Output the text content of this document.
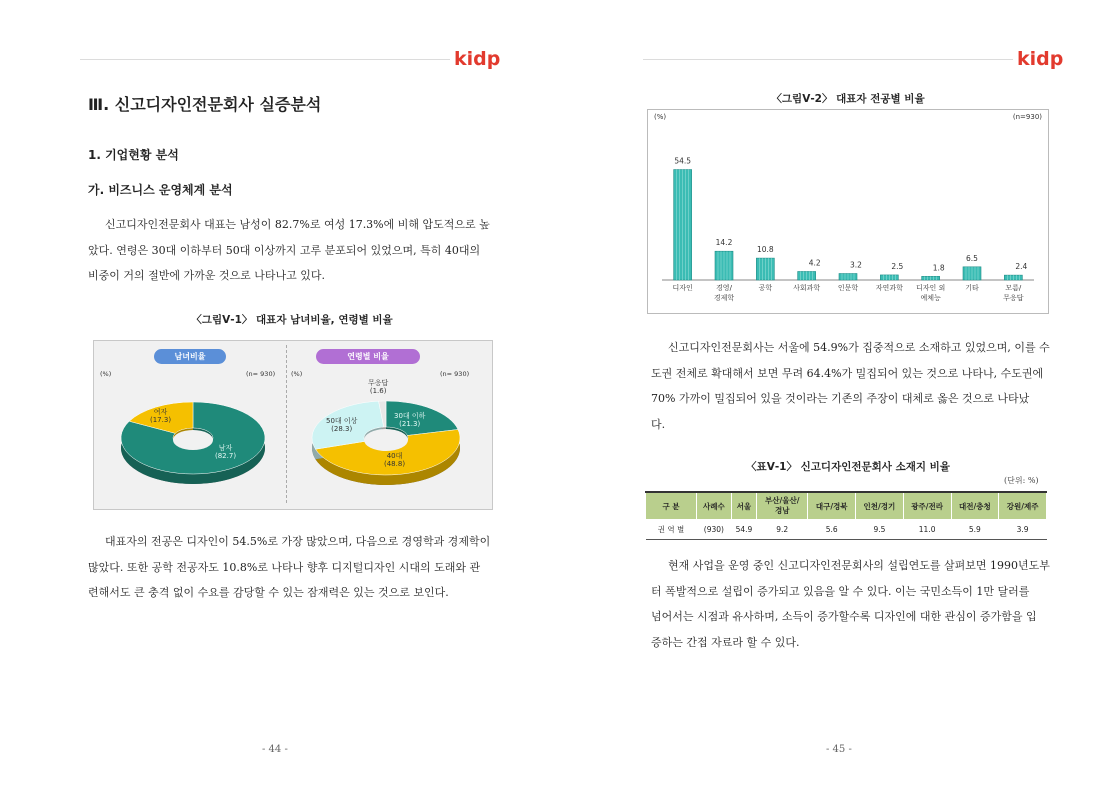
kidp	kidp
Ⅲ. 신고디자인전문회사 실증분석
1. 기업현황 분석
가. 비즈니스 운영체계 분석
신고디자인전문회사 대표는 남성이 82.7%로 여성 17.3%에 비해 압도적으로 높
았다. 연령은 30대 이하부터 50대 이상까지 고루 분포되어 있었으며, 특히 40대의
비중이 거의 절반에 가까운 것으로 나타나고 있다.
〈그림Ⅴ-1〉 대표자 남녀비율, 연령별 비율
남녀비율	연령별 비율
(%)	(n= 930) (%)	(n= 930)
여자
(17.3)
남자
(82.7)
무응답
(1.6)
30대 이하
(21.3)
40대
(48.8)
50대 이상
(28.3)
대표자의 전공은 디자인이 54.5%로 가장 많았으며, 다음으로 경영학과 경제학이
많았다. 또한 공학 전공자도 10.8%로 나타나 향후 디지털디자인 시대의 도래와 관
련해서도 큰 충격 없이 수요를 감당할 수 있는 잠재력은 있는 것으로 보인다.
- 44 -
〈그림Ⅴ-2〉 대표자 전공별 비율
(%)	(n=930)
54.5
디자인
14.2
경영/
경제학
10.8
공학
4.2
사회과학
3.2
인문학
2.5
자연과학
1.8
디자인 외
예체능
6.5
기타
2.4
모름/
무응답
신고디자인전문회사는 서울에 54.9%가 집중적으로 소재하고 있었으며, 이를 수
도권 전체로 확대해서 보면 무려 64.4%가 밀집되어 있는 것으로 나타나, 수도권에
70% 가까이 밀집되어 있을 것이라는 기존의 주장이 대체로 옳은 것으로 나타났
다.
〈표Ⅴ-1〉 신고디자인전문회사 소재지 비율
(단위: %)
구 분	사례수	서울	부산/울산/
경남	대구/경북	인천/경기	광주/전라	대전/충청	강원/제주
권 역 별	(930)	54.9	9.2	5.6	9.5	11.0	5.9	3.9
현재 사업을 운영 중인 신고디자인전문회사의 설립연도를 살펴보면 1990년도부
터 폭발적으로 설립이 증가되고 있음을 알 수 있다. 이는 국민소득이 1만 달러를
넘어서는 시점과 유사하며, 소득이 증가할수록 디자인에 대한 관심이 증가함을 입
증하는 간접 자료라 할 수 있다.
- 45 -
